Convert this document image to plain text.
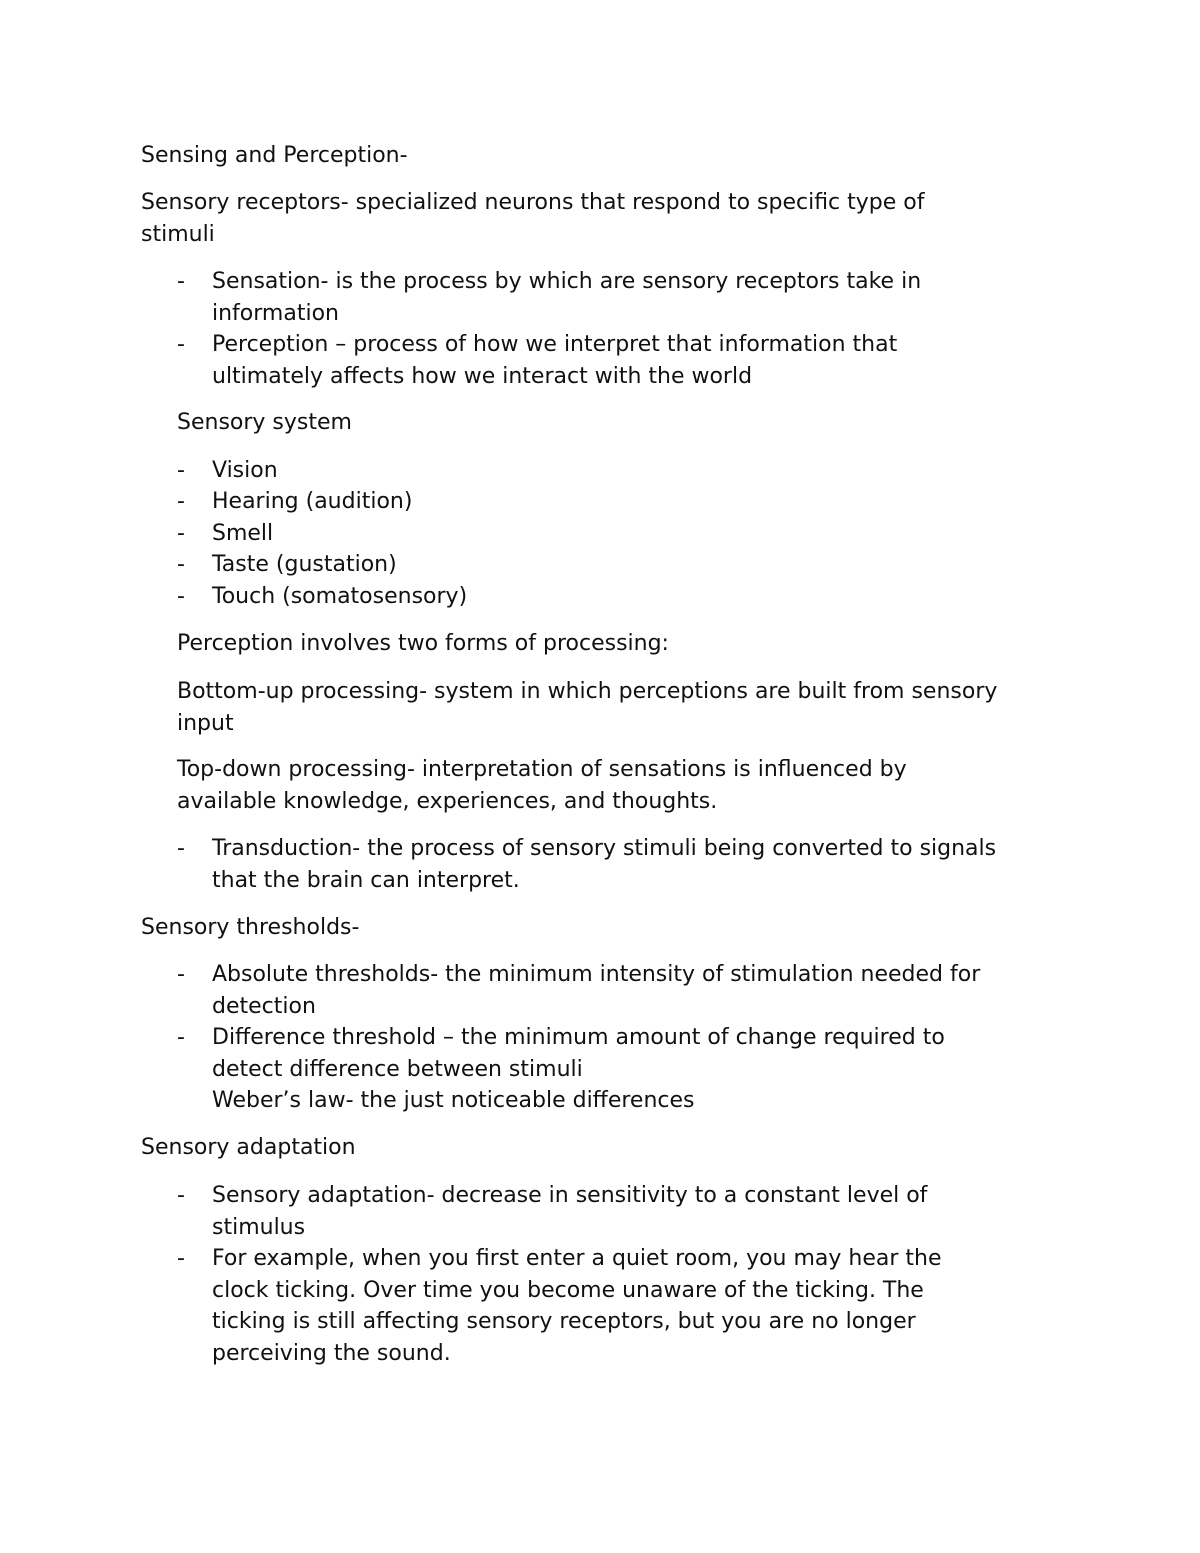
Sensing and Perception-

Sensory receptors- specialized neurons that respond to specific type of
stimuli
-	Sensation- is the process by which are sensory receptors take in
information
-	Perception – process of how we interpret that information that
ultimately affects how we interact with the world

Sensory system

-	Vision
-	Hearing (audition)
-	Smell
-	Taste (gustation)
-	Touch (somatosensory)

Perception involves two forms of processing:

Bottom-up processing- system in which perceptions are built from sensory
input
Top-down processing- interpretation of sensations is influenced by
available knowledge, experiences, and thoughts.
-	Transduction- the process of sensory stimuli being converted to signals
that the brain can interpret.

Sensory thresholds-

-	Absolute thresholds- the minimum intensity of stimulation needed for
detection
-	Difference threshold – the minimum amount of change required to
detect difference between stimuli
Weber’s law- the just noticeable differences

Sensory adaptation

-	Sensory adaptation- decrease in sensitivity to a constant level of
stimulus
-	For example, when you first enter a quiet room, you may hear the
clock ticking. Over time you become unaware of the ticking. The
ticking is still affecting sensory receptors, but you are no longer
perceiving the sound.
